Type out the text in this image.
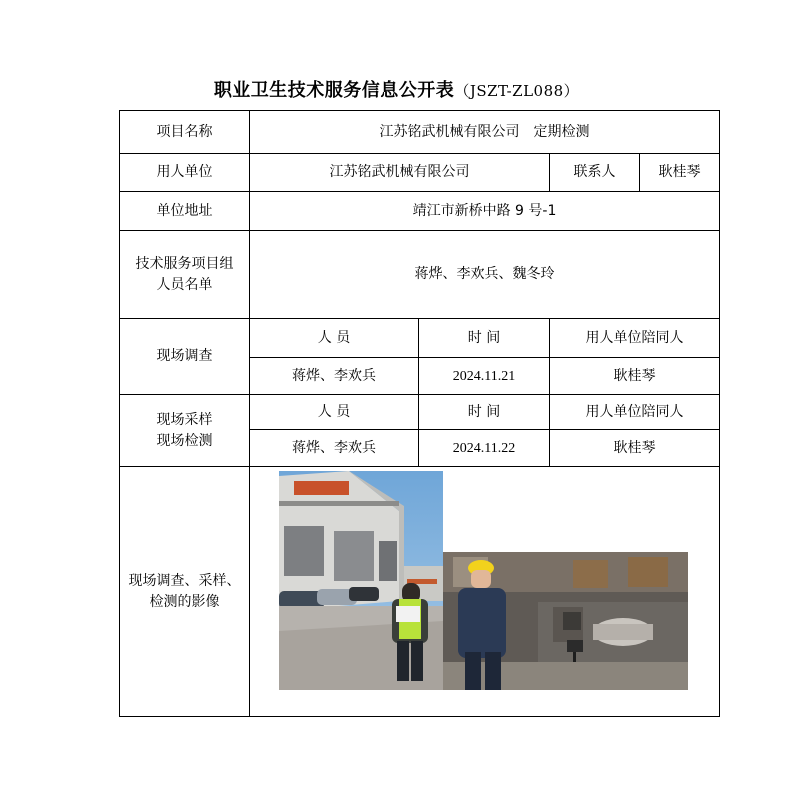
职业卫生技术服务信息公开表（JSZT-ZL088）
项目名称	江苏铭武机械有限公司　定期检测			
用人单位	江苏铭武机械有限公司		联系人	耿桂琴
单位地址	靖江市新桥中路 9 号-1			

技术服务项目组
人员名单	蒋烨、李欢兵、魏冬玲			
现场调查	人 员	时 间	用人单位陪同人	
	蒋烨、李欢兵	2024.11.21	耿桂琴	

现场采样
现场检测	人 员	时 间	用人单位陪同人	
	蒋烨、李欢兵	2024.11.22	耿桂琴	

现场调查、采样、
检测的影像
